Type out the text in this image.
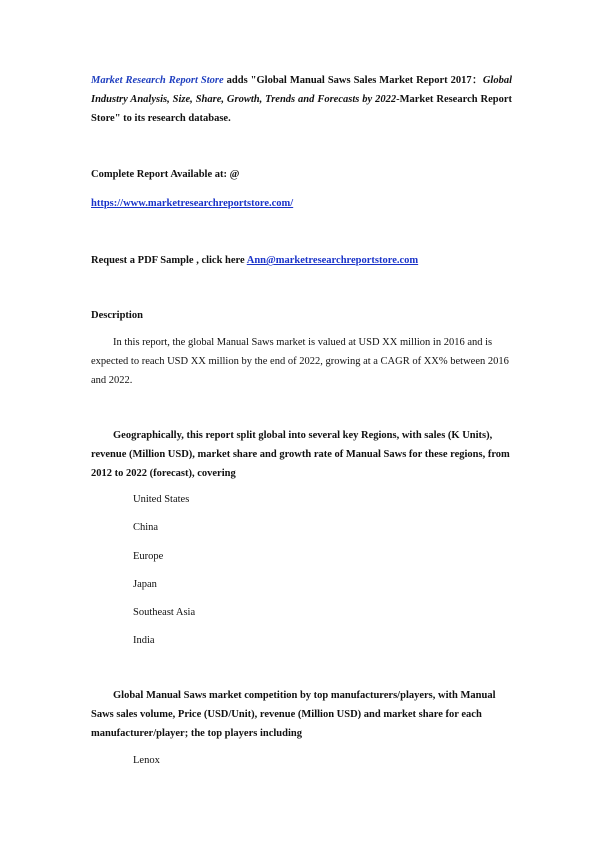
Market Research Report Store adds "Global Manual Saws Sales Market Report 2017：Global Industry Analysis, Size, Share, Growth, Trends and Forecasts by 2022-Market Research Report Store" to its research database.
Complete Report Available at: @
https://www.marketresearchreportstore.com/
Request a PDF Sample , click here Ann@marketresearchreportstore.com
Description
In this report, the global Manual Saws market is valued at USD XX million in 2016 and is expected to reach USD XX million by the end of 2022, growing at a CAGR of XX% between 2016 and 2022.
Geographically, this report split global into several key Regions, with sales (K Units), revenue (Million USD), market share and growth rate of Manual Saws for these regions, from 2012 to 2022 (forecast), covering
United States
China
Europe
Japan
Southeast Asia
India
Global Manual Saws market competition by top manufacturers/players, with Manual Saws sales volume, Price (USD/Unit), revenue (Million USD) and market share for each manufacturer/player; the top players including
Lenox
